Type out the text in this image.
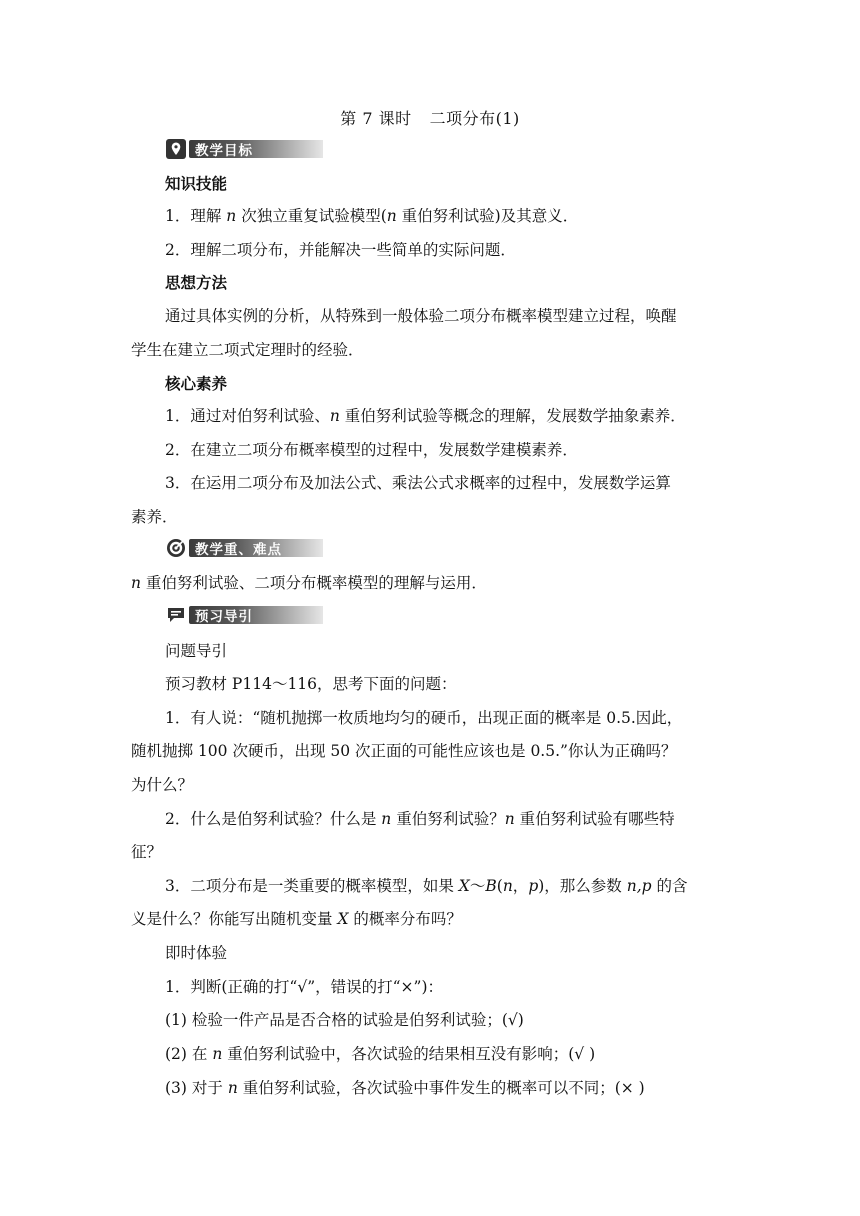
第 7 课时 二项分布(1)
教学目标
知识技能
1．理解 n 次独立重复试验模型(n 重伯努利试验)及其意义．
2．理解二项分布，并能解决一些简单的实际问题．
思想方法
通过具体实例的分析，从特殊到一般体验二项分布概率模型建立过程，唤醒
学生在建立二项式定理时的经验．
核心素养
1．通过对伯努利试验、n 重伯努利试验等概念的理解，发展数学抽象素养．
2．在建立二项分布概率模型的过程中，发展数学建模素养．
3．在运用二项分布及加法公式、乘法公式求概率的过程中，发展数学运算
素养．
教学重、难点
n 重伯努利试验、二项分布概率模型的理解与运用．
预习导引
问题导引
预习教材 P114～116，思考下面的问题：
1．有人说：“随机抛掷一枚质地均匀的硬币，出现正面的概率是 0.5.因此，
随机抛掷 100 次硬币，出现 50 次正面的可能性应该也是 0.5.”你认为正确吗？
为什么？
2．什么是伯努利试验？什么是 n 重伯努利试验？n 重伯努利试验有哪些特
征？
3．二项分布是一类重要的概率模型，如果 X～B(n，p)，那么参数 n,p 的含
义是什么？你能写出随机变量 X 的概率分布吗？
即时体验
1．判断(正确的打“√”，错误的打“×”)：
(1) 检验一件产品是否合格的试验是伯努利试验；(√)
(2) 在 n 重伯努利试验中，各次试验的结果相互没有影响；(√ )
(3) 对于 n 重伯努利试验，各次试验中事件发生的概率可以不同；(× )
